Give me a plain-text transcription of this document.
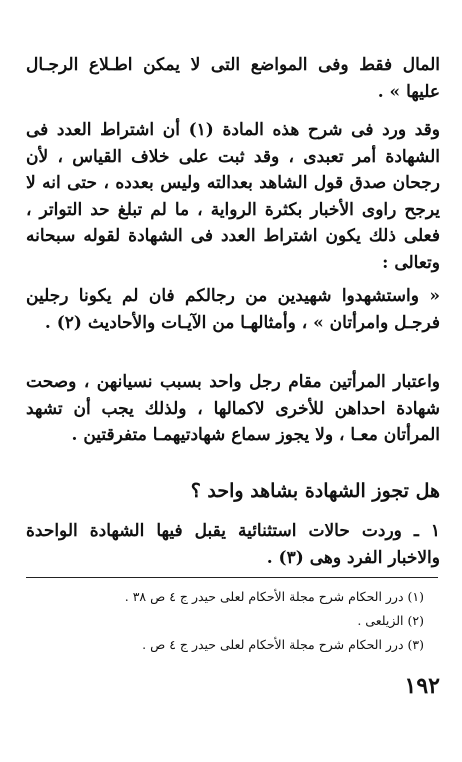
المال فقط وفى المواضع التى لا يمكن اطـلاع الرجـال عليها » .

وقد ورد فى شرح هذه المادة (١) أن اشتراط العدد فى الشهادة أمر تعبدى ، وقد ثبت على خلاف القياس ، لأن رجحان صدق قول الشاهد بعدالته وليس بعدده ، حتى انه لا يرجح راوى الأخبار بكثرة الرواية ، ما لم تبلغ حد التواتر ، فعلى ذلك يكون اشتراط العدد فى الشهادة لقوله سبحانه وتعالى :

« واستشهدوا شهيدين من رجالكم فان لم يكونا رجلين فرجـل وامرأتان » ، وأمثالهـا من الآيـات والأحاديث (٢) .

واعتبار المرأتين مقام رجل واحد بسبب نسيانهن ، وصحت شهادة احداهن للأخرى لاكمالها ، ولذلك يجب أن تشهد المرأتان معـا ، ولا يجوز سماع شهادتيهمـا متفرقتين .

هل تجوز الشهادة بشاهد واحد ؟

١ ـ وردت حالات استثنائية يقبل فيها الشهادة الواحدة والاخبار الفرد وهى (٣) .

(١) درر الحكام شرح مجلة الأحكام لعلى حيدر ج ٤ ص ٣٨ .
(٢) الزيلعى .
(٣) درر الحكام شرح مجلة الأحكام لعلى حيدر ج ٤ ص .
١٩٢
